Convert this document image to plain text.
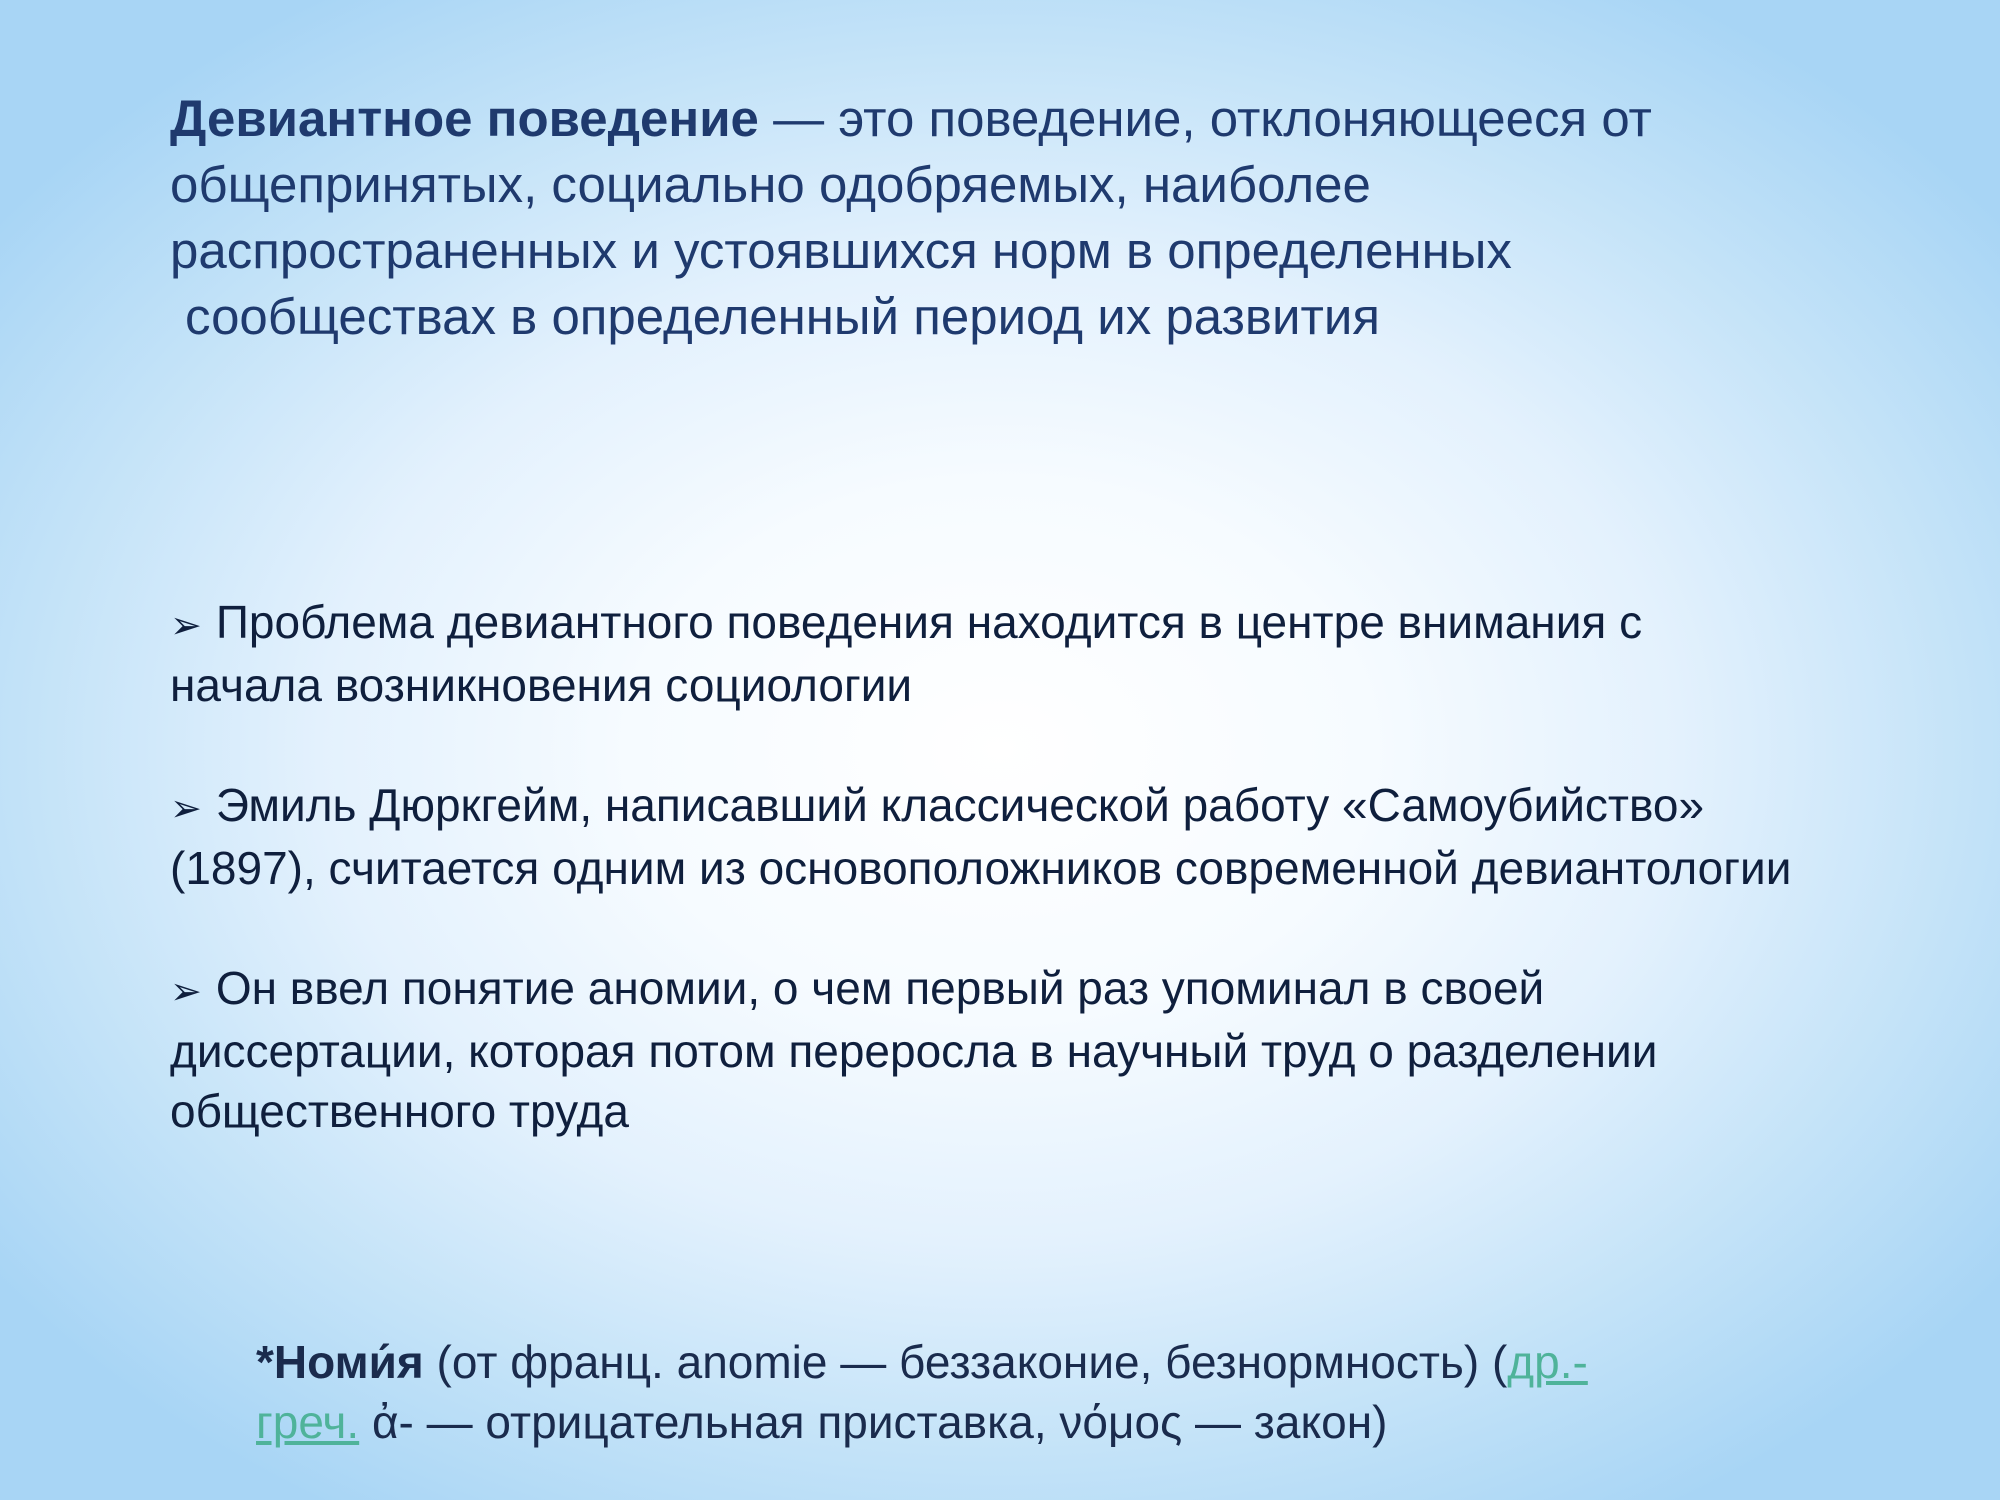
Девиантное поведение — это поведение, отклоняющееся от
общепринятых, социально одобряемых, наиболее
распространенных и устоявшихся норм в определенных
сообществах в определенный период их развития
➢ Проблема девиантного поведения находится в центре внимания с
начала возникновения социологии
➢ Эмиль Дюркгейм, написавший классической работу «Самоубийство»
(1897), считается одним из основоположников современной девиантологии
➢ Он ввел понятие аномии, о чем первый раз упоминал в своей
диссертации, которая потом переросла в научный труд о разделении
общественного труда
*Номи́я (от франц. anomie — беззаконие, безнормность) (др.-
греч. ἀ- — отрицательная приставка, νόμος — закон)
